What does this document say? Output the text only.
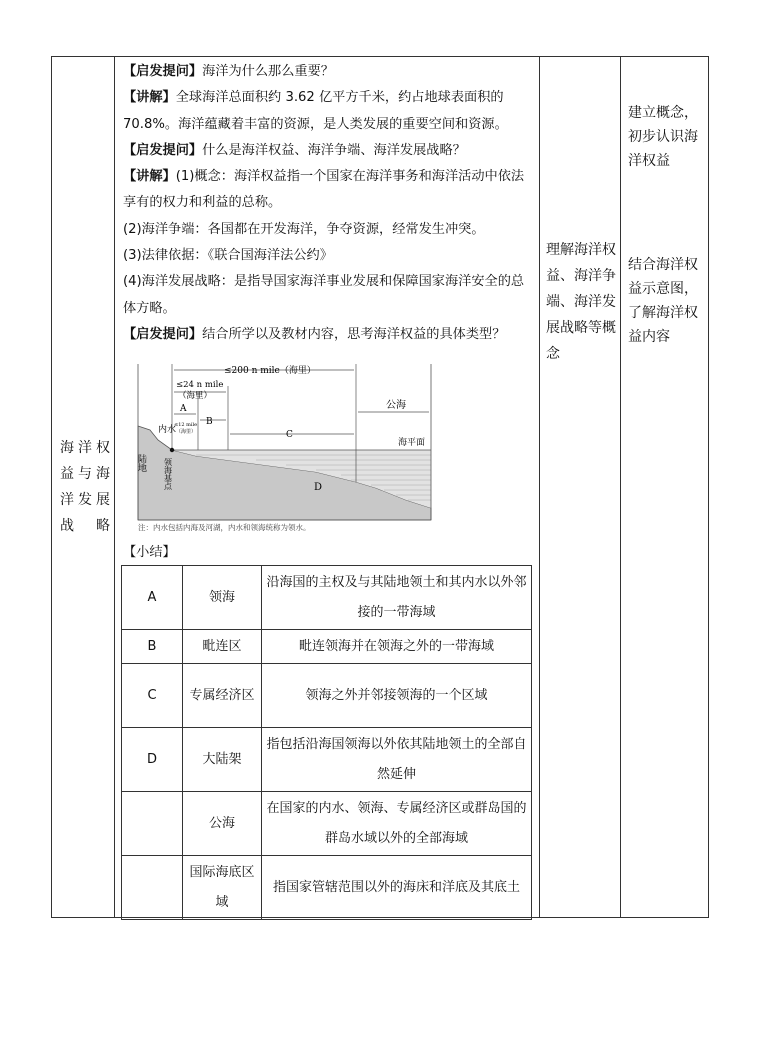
海洋权益与海洋发展战略

【启发提问】海洋为什么那么重要？

【讲解】全球海洋总面积约 3.62 亿平方千米，约占地球表面积的 70.8%。海洋蕴藏着丰富的资源，是人类发展的重要空间和资源。

【启发提问】什么是海洋权益、海洋争端、海洋发展战略？

【讲解】(1)概念：海洋权益指一个国家在海洋事务和海洋活动中依法享有的权力和利益的总称。

(2)海洋争端：各国都在开发海洋，争夺资源，经常发生冲突。

(3)法律依据：《联合国海洋法公约》

(4)海洋发展战略：是指导国家海洋事业发展和保障国家海洋安全的总体方略。

【启发提问】结合所学以及教材内容，思考海洋权益的具体类型？

≤200 n mile（海里）
≤24 n mile
（海里）
A
≤12 mile
（海里）
B
C
D
公海
海平面
内水
陆地 领海基点
注：内水包括内海及河湖，内水和领海统称为领水。
【小结】
A	领海	沿海国的主权及与其陆地领土和其内水以外邻接的一带海域
B	毗连区	毗连领海并在领海之外的一带海域
C	专属经济区	领海之外并邻接领海的一个区域
D	大陆架	指包括沿海国领海以外依其陆地领土的全部自然延伸
	公海	在国家的内水、领海、专属经济区或群岛国的群岛水域以外的全部海域
	国际海底区域	指国家管辖范围以外的海床和洋底及其底土
理解海洋权益、海洋争端、海洋发展战略等概念
建立概念，初步认识海洋权益
结合海洋权益示意图，了解海洋权益内容
